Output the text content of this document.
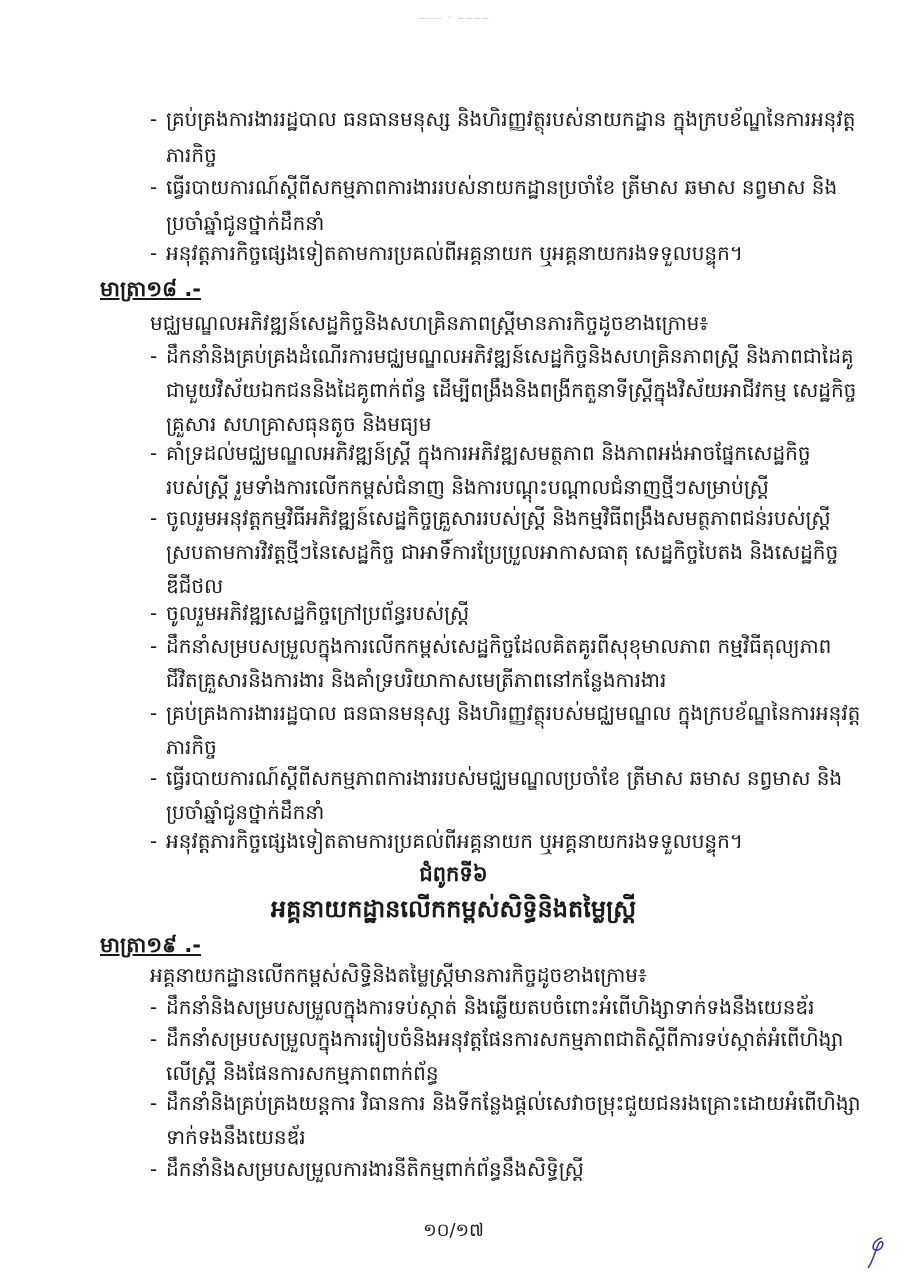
––– · ––––
- គ្រប់គ្រងការងាររដ្ឋបាល ធនធានមនុស្ស និងហិរញ្ញវត្ថុរបស់នាយកដ្ឋាន ក្នុងក្របខ័ណ្ឌនៃការអនុវត្ត
ភារកិច្ច
- ធ្វើរបាយការណ៍ស្តីពីសកម្មភាពការងាររបស់នាយកដ្ឋានប្រចាំខែ ត្រីមាស ឆមាស នព្វមាស និង
ប្រចាំឆ្នាំជូនថ្នាក់ដឹកនាំ
- អនុវត្តភារកិច្ចផ្សេងទៀតតាមការប្រគល់ពីអគ្គនាយក ឬអគ្គនាយករងទទួលបន្ទុក។
មាត្រា១៨ .-
មជ្ឈមណ្ឌលអភិវឌ្ឍន៍សេដ្ឋកិច្ចនិងសហគ្រិនភាពស្ត្រីមានភារកិច្ចដូចខាងក្រោម៖
- ដឹកនាំនិងគ្រប់គ្រងដំណើរការមជ្ឈមណ្ឌលអភិវឌ្ឍន៍សេដ្ឋកិច្ចនិងសហគ្រិនភាពស្ត្រី និងភាពជាដៃគូ
ជាមួយវិស័យឯកជននិងដៃគូពាក់ព័ន្ធ ដើម្បីពង្រឹងនិងពង្រីកតួនាទីស្ត្រីក្នុងវិស័យអាជីវកម្ម សេដ្ឋកិច្ច
គ្រួសារ សហគ្រាសធុនតូច និងមធ្យម
- គាំទ្រដល់មជ្ឈមណ្ឌលអភិវឌ្ឍន៍ស្ត្រី ក្នុងការអភិវឌ្ឍសមត្ថភាព និងភាពអង់អាចផ្នែកសេដ្ឋកិច្ច
របស់ស្ត្រី រួមទាំងការលើកកម្ពស់ជំនាញ និងការបណ្តុះបណ្តាលជំនាញថ្មីៗសម្រាប់ស្ត្រី
- ចូលរួមអនុវត្តកម្មវិធីអភិវឌ្ឍន៍សេដ្ឋកិច្ចគ្រួសាររបស់ស្ត្រី និងកម្មវិធីពង្រឹងសមត្ថភាពជន់របស់ស្ត្រី
ស្របតាមការវិវត្តថ្មីៗនៃសេដ្ឋកិច្ច ជាអាទិ៍ការប្រែប្រួលអាកាសធាតុ សេដ្ឋកិច្ចបៃតង និងសេដ្ឋកិច្ច
ឌីជីថល
- ចូលរួមអភិវឌ្ឍសេដ្ឋកិច្ចក្រៅប្រព័ន្ធរបស់ស្ត្រី
- ដឹកនាំសម្របសម្រួលក្នុងការលើកកម្ពស់សេដ្ឋកិច្ចដែលគិតគូរពីសុខុមាលភាព កម្មវិធីតុល្យភាព
ជីវិតគ្រួសារនិងការងារ និងគាំទ្របរិយាកាសមេត្រីភាពនៅកន្លែងការងារ
- គ្រប់គ្រងការងាររដ្ឋបាល ធនធានមនុស្ស និងហិរញ្ញវត្ថុរបស់មជ្ឈមណ្ឌល ក្នុងក្របខ័ណ្ឌនៃការអនុវត្ត
ភារកិច្ច
- ធ្វើរបាយការណ៍ស្តីពីសកម្មភាពការងាររបស់មជ្ឈមណ្ឌលប្រចាំខែ ត្រីមាស ឆមាស នព្វមាស និង
ប្រចាំឆ្នាំជូនថ្នាក់ដឹកនាំ
- អនុវត្តភារកិច្ចផ្សេងទៀតតាមការប្រគល់ពីអគ្គនាយក ឬអគ្គនាយករងទទួលបន្ទុក។
ជំពូកទី៦
អគ្គនាយកដ្ឋានលើកកម្ពស់សិទ្ធិនិងតម្លៃស្ត្រី
មាត្រា១៩ .-
អគ្គនាយកដ្ឋានលើកកម្ពស់សិទ្ធិនិងតម្លៃស្ត្រីមានភារកិច្ចដូចខាងក្រោម៖
- ដឹកនាំនិងសម្របសម្រួលក្នុងការទប់ស្កាត់ និងឆ្លើយតបចំពោះអំពើហិង្សាទាក់ទងនឹងយេនឌ័រ
- ដឹកនាំសម្របសម្រួលក្នុងការរៀបចំនិងអនុវត្តផែនការសកម្មភាពជាតិស្តីពីការទប់ស្កាត់អំពើហិង្សា
លើស្ត្រី និងផែនការសកម្មភាពពាក់ព័ន្ធ
- ដឹកនាំនិងគ្រប់គ្រងយន្តការ វិធានការ និងទីកន្លែងផ្តល់សេវាចម្រុះជួយជនរងគ្រោះដោយអំពើហិង្សា
ទាក់ទងនឹងយេនឌ័រ
- ដឹកនាំនិងសម្របសម្រួលការងារនីតិកម្មពាក់ព័ន្ធនឹងសិទ្ធិស្ត្រី
១០/១៧
